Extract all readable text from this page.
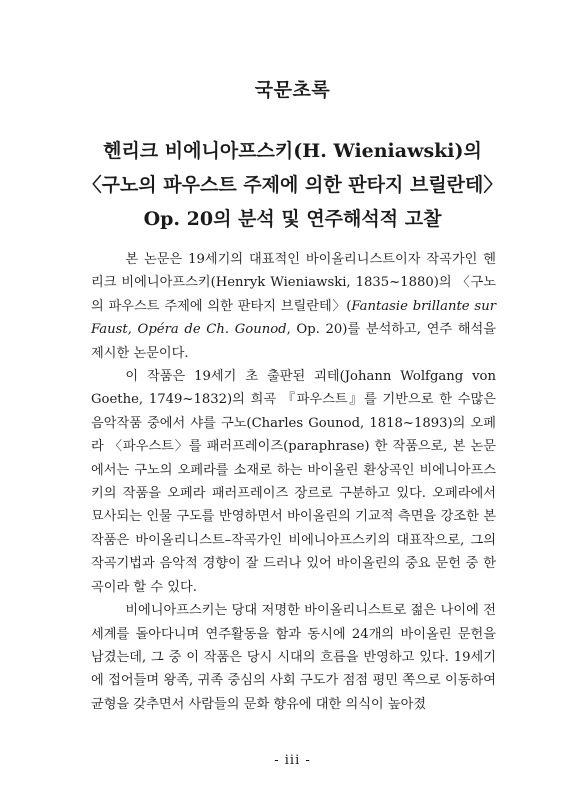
국문초록
헨리크 비에니아프스키(H. Wieniawski)의
〈구노의 파우스트 주제에 의한 판타지 브릴란테〉
Op. 20의 분석 및 연주해석적 고찰

본 논문은 19세기의 대표적인 바이올리니스트이자 작곡가인 헨리크 비에니아프스키(Henryk Wieniawski, 1835~1880)의 〈구노의 파우스트 주제에 의한 판타지 브릴란테〉(Fantasie brillante sur Faust, Opéra de Ch. Gounod, Op. 20)를 분석하고, 연주 해석을 제시한 논문이다.

이 작품은 19세기 초 출판된 괴테(Johann Wolfgang von Goethe, 1749~1832)의 희곡 『파우스트』를 기반으로 한 수많은 음악작품 중에서 샤를 구노(Charles Gounod, 1818~1893)의 오페라 〈파우스트〉를 패러프레이즈(paraphrase) 한 작품으로, 본 논문에서는 구노의 오페라를 소재로 하는 바이올린 환상곡인 비에니아프스키의 작품을 오페라 패러프레이즈 장르로 구분하고 있다. 오페라에서 묘사되는 인물 구도를 반영하면서 바이올린의 기교적 측면을 강조한 본 작품은 바이올리니스트–작곡가인 비에니아프스키의 대표작으로, 그의 작곡기법과 음악적 경향이 잘 드러나 있어 바이올린의 중요 문헌 중 한 곡이라 할 수 있다.

비에니아프스키는 당대 저명한 바이올리니스트로 젊은 나이에 전 세계를 돌아다니며 연주활동을 함과 동시에 24개의 바이올린 문헌을 남겼는데, 그 중 이 작품은 당시 시대의 흐름을 반영하고 있다. 19세기에 접어들며 왕족, 귀족 중심의 사회 구도가 점점 평민 쪽으로 이동하여 균형을 갖추면서 사람들의 문화 향유에 대한 의식이 높아졌

- iii -
